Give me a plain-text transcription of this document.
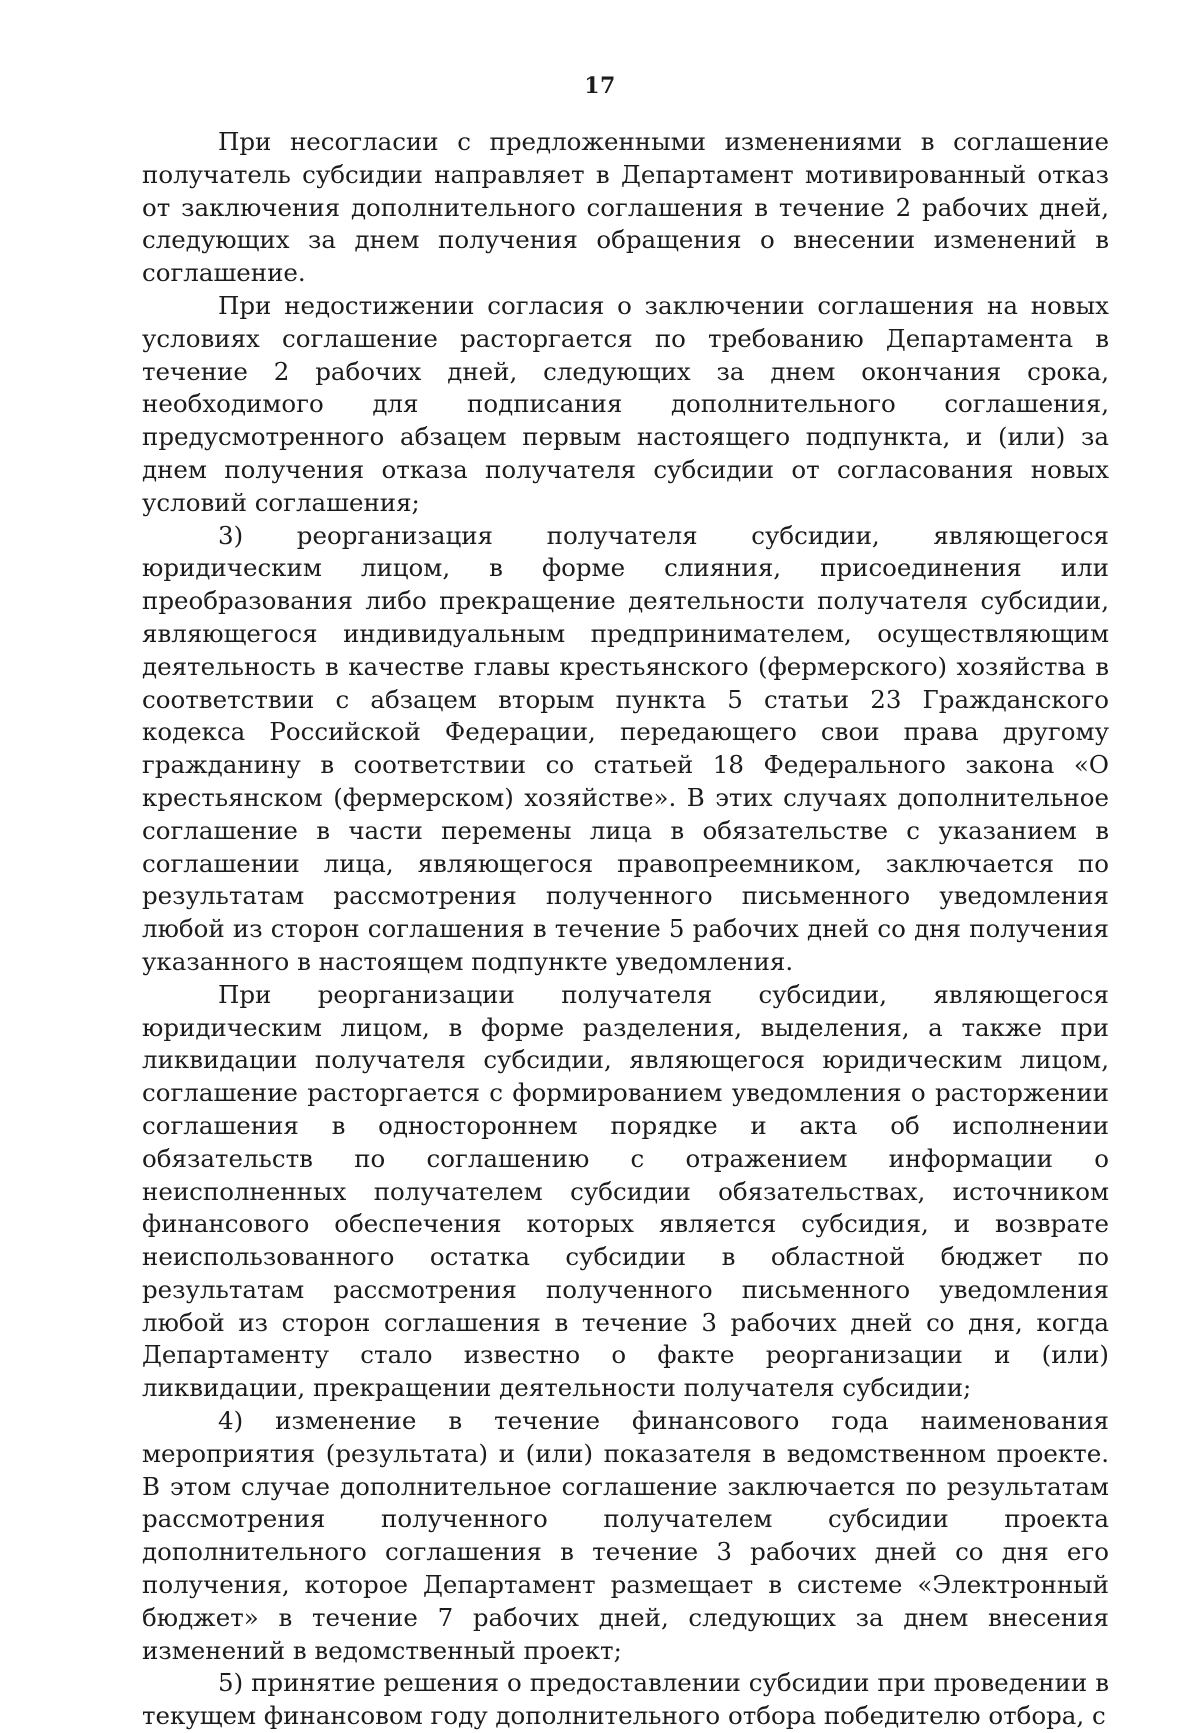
17

При несогласии с предложенными изменениями в соглашение получатель субсидии направляет в Департамент мотивированный отказ от заключения дополнительного соглашения в течение 2 рабочих дней, следующих за днем получения обращения о внесении изменений в соглашение.

При недостижении согласия о заключении соглашения на новых условиях соглашение расторгается по требованию Департамента в течение 2 рабочих дней, следующих за днем окончания срока, необходимого для подписания дополнительного соглашения, предусмотренного абзацем первым настоящего подпункта, и (или) за днем получения отказа получателя субсидии от согласования новых условий соглашения;

3) реорганизация получателя субсидии, являющегося юридическим лицом, в форме слияния, присоединения или преобразования либо прекращение деятельности получателя субсидии, являющегося индивидуальным предпринимателем, осуществляющим деятельность в качестве главы крестьянского (фермерского) хозяйства в соответствии с абзацем вторым пункта 5 статьи 23 Гражданского кодекса Российской Федерации, передающего свои права другому гражданину в соответствии со статьей 18 Федерального закона «О крестьянском (фермерском) хозяйстве». В этих случаях дополнительное соглашение в части перемены лица в обязательстве с указанием в соглашении лица, являющегося правопреемником, заключается по результатам рассмотрения полученного письменного уведомления любой из сторон соглашения в течение 5 рабочих дней со дня получения указанного в настоящем подпункте уведомления.

При реорганизации получателя субсидии, являющегося юридическим лицом, в форме разделения, выделения, а также при ликвидации получателя субсидии, являющегося юридическим лицом, соглашение расторгается с формированием уведомления о расторжении соглашения в одностороннем порядке и акта об исполнении обязательств по соглашению с отражением информации о неисполненных получателем субсидии обязательствах, источником финансового обеспечения которых является субсидия, и возврате неиспользованного остатка субсидии в областной бюджет по результатам рассмотрения полученного письменного уведомления любой из сторон соглашения в течение 3 рабочих дней со дня, когда Департаменту стало известно о факте реорганизации и (или) ликвидации, прекращении деятельности получателя субсидии;

4) изменение в течение финансового года наименования мероприятия (результата) и (или) показателя в ведомственном проекте. В этом случае дополнительное соглашение заключается по результатам рассмотрения полученного получателем субсидии проекта дополнительного соглашения в течение 3 рабочих дней со дня его получения, которое Департамент размещает в системе «Электронный бюджет» в течение 7 рабочих дней, следующих за днем внесения изменений в ведомственный проект;

5) принятие решения о предоставлении субсидии при проведении в текущем финансовом году дополнительного отбора победителю отбора, с
